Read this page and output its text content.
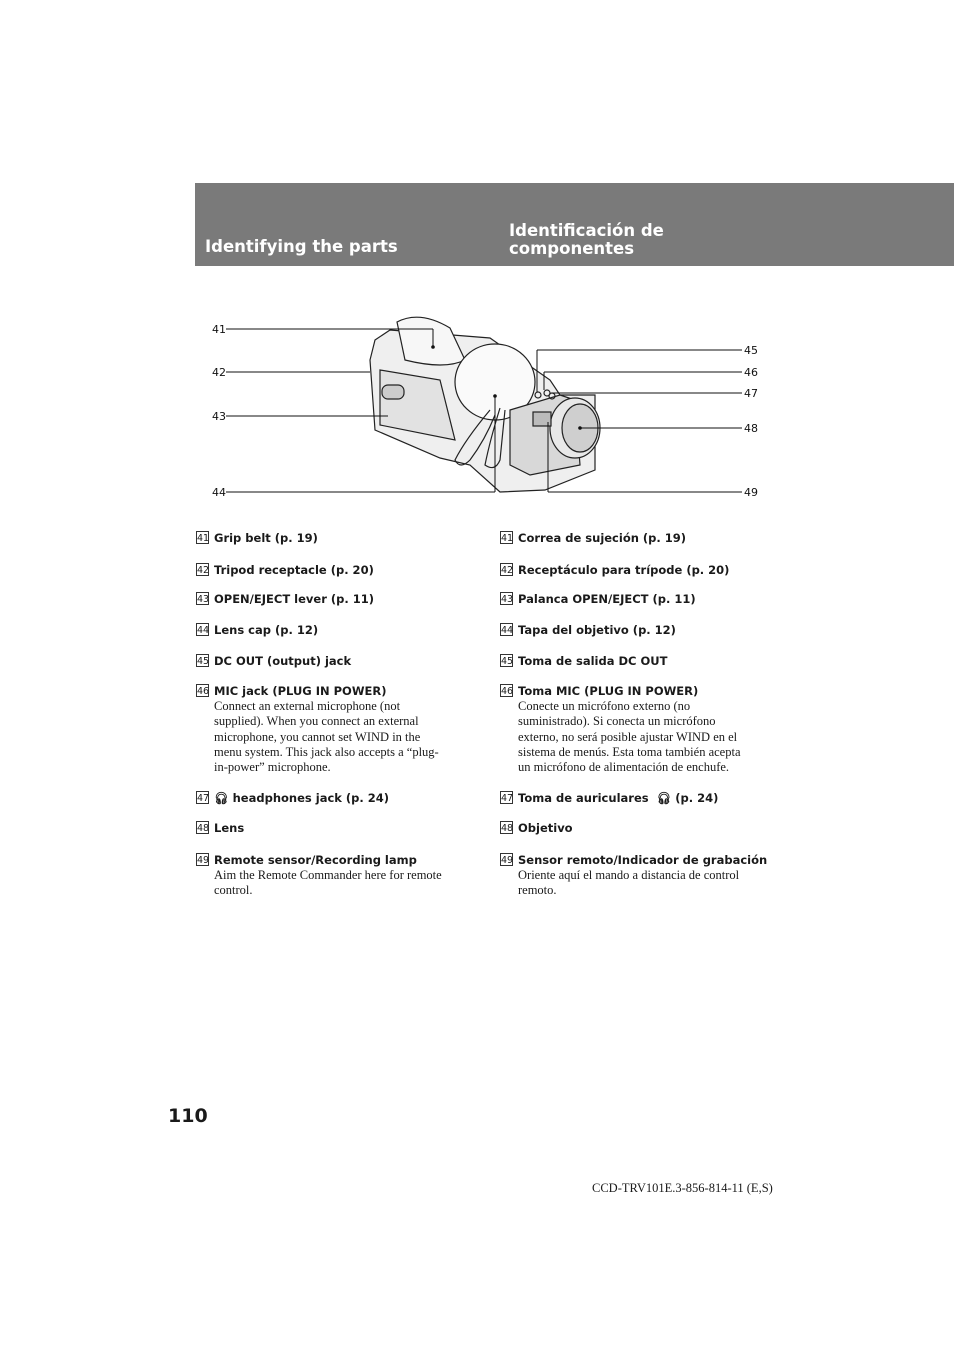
Identifying the parts
Identificación de componentes
41
42
43
44
45
46
47
48
49
41 Grip belt (p. 19)
42 Tripod receptacle (p. 20)
43 OPEN/EJECT lever (p. 11)
44 Lens cap (p. 12)
45 DC OUT (output) jack
46 MIC jack (PLUG IN POWER)
Connect an external microphone (not
supplied). When you connect an external
microphone, you cannot set WIND in the
menu system. This jack also accepts a “plug-
in-power” microphone.
47 🎧︎ headphones jack (p. 24)
48 Lens
49 Remote sensor/Recording lamp
Aim the Remote Commander here for remote
control.
41 Correa de sujeción (p. 19)
42 Receptáculo para trípode (p. 20)
43 Palanca OPEN/EJECT (p. 11)
44 Tapa del objetivo (p. 12)
45 Toma de salida DC OUT
46 Toma MIC (PLUG IN POWER)
Conecte un micrófono externo (no
suministrado). Si conecta un micrófono
externo, no será posible ajustar WIND en el
sistema de menús. Esta toma también acepta
un micrófono de alimentación de enchufe.
47 Toma de auriculares 🎧︎ (p. 24)
48 Objetivo
49 Sensor remoto/Indicador de grabación
Oriente aquí el mando a distancia de control
remoto.
110
CCD-TRV101E.3-856-814-11 (E,S)
